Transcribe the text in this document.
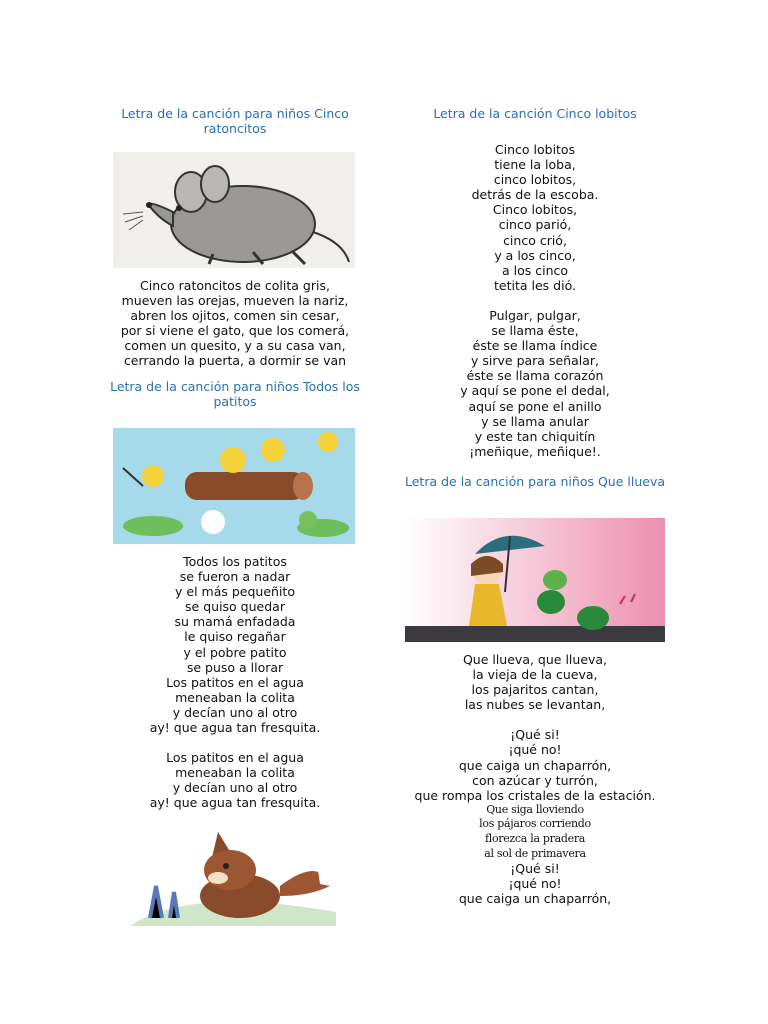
Letra de la canción para niños Cinco ratoncitos
Cinco ratoncitos de colita gris,
mueven las orejas, mueven la nariz,
abren los ojitos, comen sin cesar,
por si viene el gato, que los comerá,
comen un quesito, y a su casa van,
cerrando la puerta, a dormir se van
Letra de la canción para niños Todos los patitos
Todos los patitos
se fueron a nadar
y el más pequeñito
se quiso quedar
su mamá enfadada
le quiso regañar
y el pobre patito
se puso a llorar
Los patitos en el agua
meneaban la colita
y decían uno al otro
ay! que agua tan fresquita.
Los patitos en el agua
meneaban la colita
y decían uno al otro
ay! que agua tan fresquita.
Letra de la canción Cinco lobitos
Cinco lobitos
tiene la loba,
cinco lobitos,
detrás de la escoba.
Cinco lobitos,
cinco parió,
cinco crió,
y a los cinco,
a los cinco
tetita les dió.
Pulgar, pulgar,
se llama éste,
éste se llama índice
y sirve para señalar,
éste se llama corazón
y aquí se pone el dedal,
aquí se pone el anillo
y se llama anular
y este tan chiquitín
¡meñique, meñique!.
Letra de la canción para niños Que llueva
Que llueva, que llueva,
la vieja de la cueva,
los pajaritos cantan,
las nubes se levantan,
¡Qué si!
¡qué no!
que caiga un chaparrón,
con azúcar y turrón,
que rompa los cristales de la estación.
Que siga lloviendo
los pájaros corriendo
florezca la pradera
al sol de primavera
¡Qué si!
¡qué no!
que caiga un chaparrón,
